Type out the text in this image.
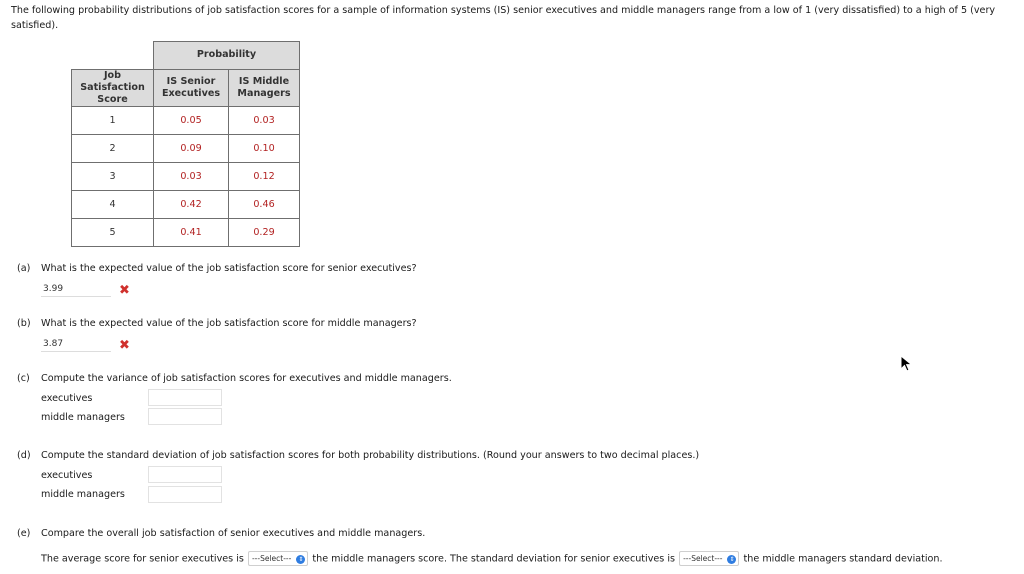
The following probability distributions of job satisfaction scores for a sample of information systems (IS) senior executives and middle managers range from a low of 1 (very dissatisfied) to a high of 5 (very satisfied).
	Probability	
Job Satisfaction Score	IS Senior Executives	IS Middle Managers
1	0.05	0.03
2	0.09	0.10
3	0.03	0.12
4	0.42	0.46
5	0.41	0.29
(a) What is the expected value of the job satisfaction score for senior executives?
3.99	✖
(b) What is the expected value of the job satisfaction score for middle managers?
3.87	✖
(c) Compute the variance of job satisfaction scores for executives and middle managers.
executives
middle managers
(d) Compute the standard deviation of job satisfaction scores for both probability distributions. (Round your answers to two decimal places.)
executives
middle managers
(e) Compare the overall job satisfaction of senior executives and middle managers.
The average score for senior executives is ---Select--- ⇕ the middle managers score. The standard deviation for senior executives is ---Select--- ⇕ the middle managers standard deviation.
